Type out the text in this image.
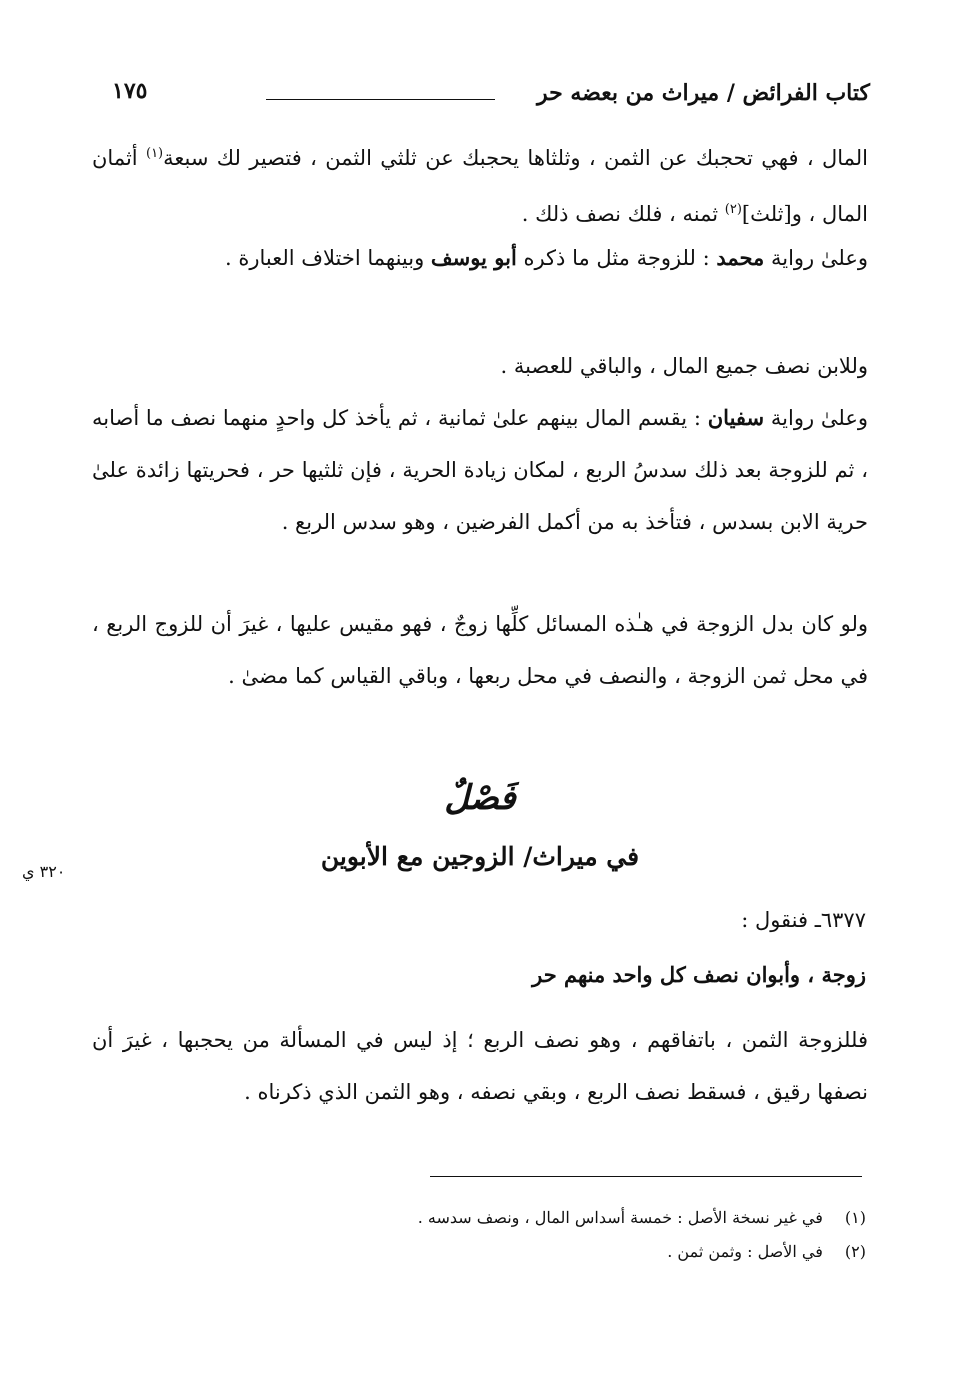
كتاب الفرائض / ميراث من بعضه حر
١٧٥
المال ، فهي تحجبك عن الثمن ، وثلثاها يحجبك عن ثلثي الثمن ، فتصير لك سبعة$^{(١)}$ أثمان المال ، و[ثلث]$^{(٢)}$ ثمنه ، فلك نصف ذلك .
وعلىٰ رواية محمد : للزوجة مثل ما ذكره أبو يوسف وبينهما اختلاف العبارة .
وللابن نصف جميع المال ، والباقي للعصبة .
وعلىٰ رواية سفيان : يقسم المال بينهم علىٰ ثمانية ، ثم يأخذ كل واحدٍ منهما نصف ما أصابه ، ثم للزوجة بعد ذلك سدسُ الربع ، لمكان زيادة الحرية ، فإن ثلثيها حر ، فحريتها زائدة علىٰ حرية الابن بسدس ، فتأخذ به من أكمل الفرضين ، وهو سدس الربع .
ولو كان بدل الزوجة في هـٰذه المسائل كلِّها زوجٌ ، فهو مقيس عليها ، غيرَ أن للزوج الربع ، في محل ثمن الزوجة ، والنصف في محل ربعها ، وباقي القياس كما مضىٰ .
فَصْلٌ
في ميراث/ الزوجين مع الأبوين
٣٢٠ ي
٦٣٧٧ـ فنقول :
زوجة ، وأبوان نصف كل واحد منهم حر
فللزوجة الثمن ، باتفاقهم ، وهو نصف الربع ؛ إذ ليس في المسألة من يحجبها ، غيرَ أن نصفها رقيق ، فسقط نصف الربع ، وبقي نصفه ، وهو الثمن الذي ذكرناه .
(١) في غير نسخة الأصل : خمسة أسداس المال ، ونصف سدسه .
(٢) في الأصل : وثمن ثمن .
